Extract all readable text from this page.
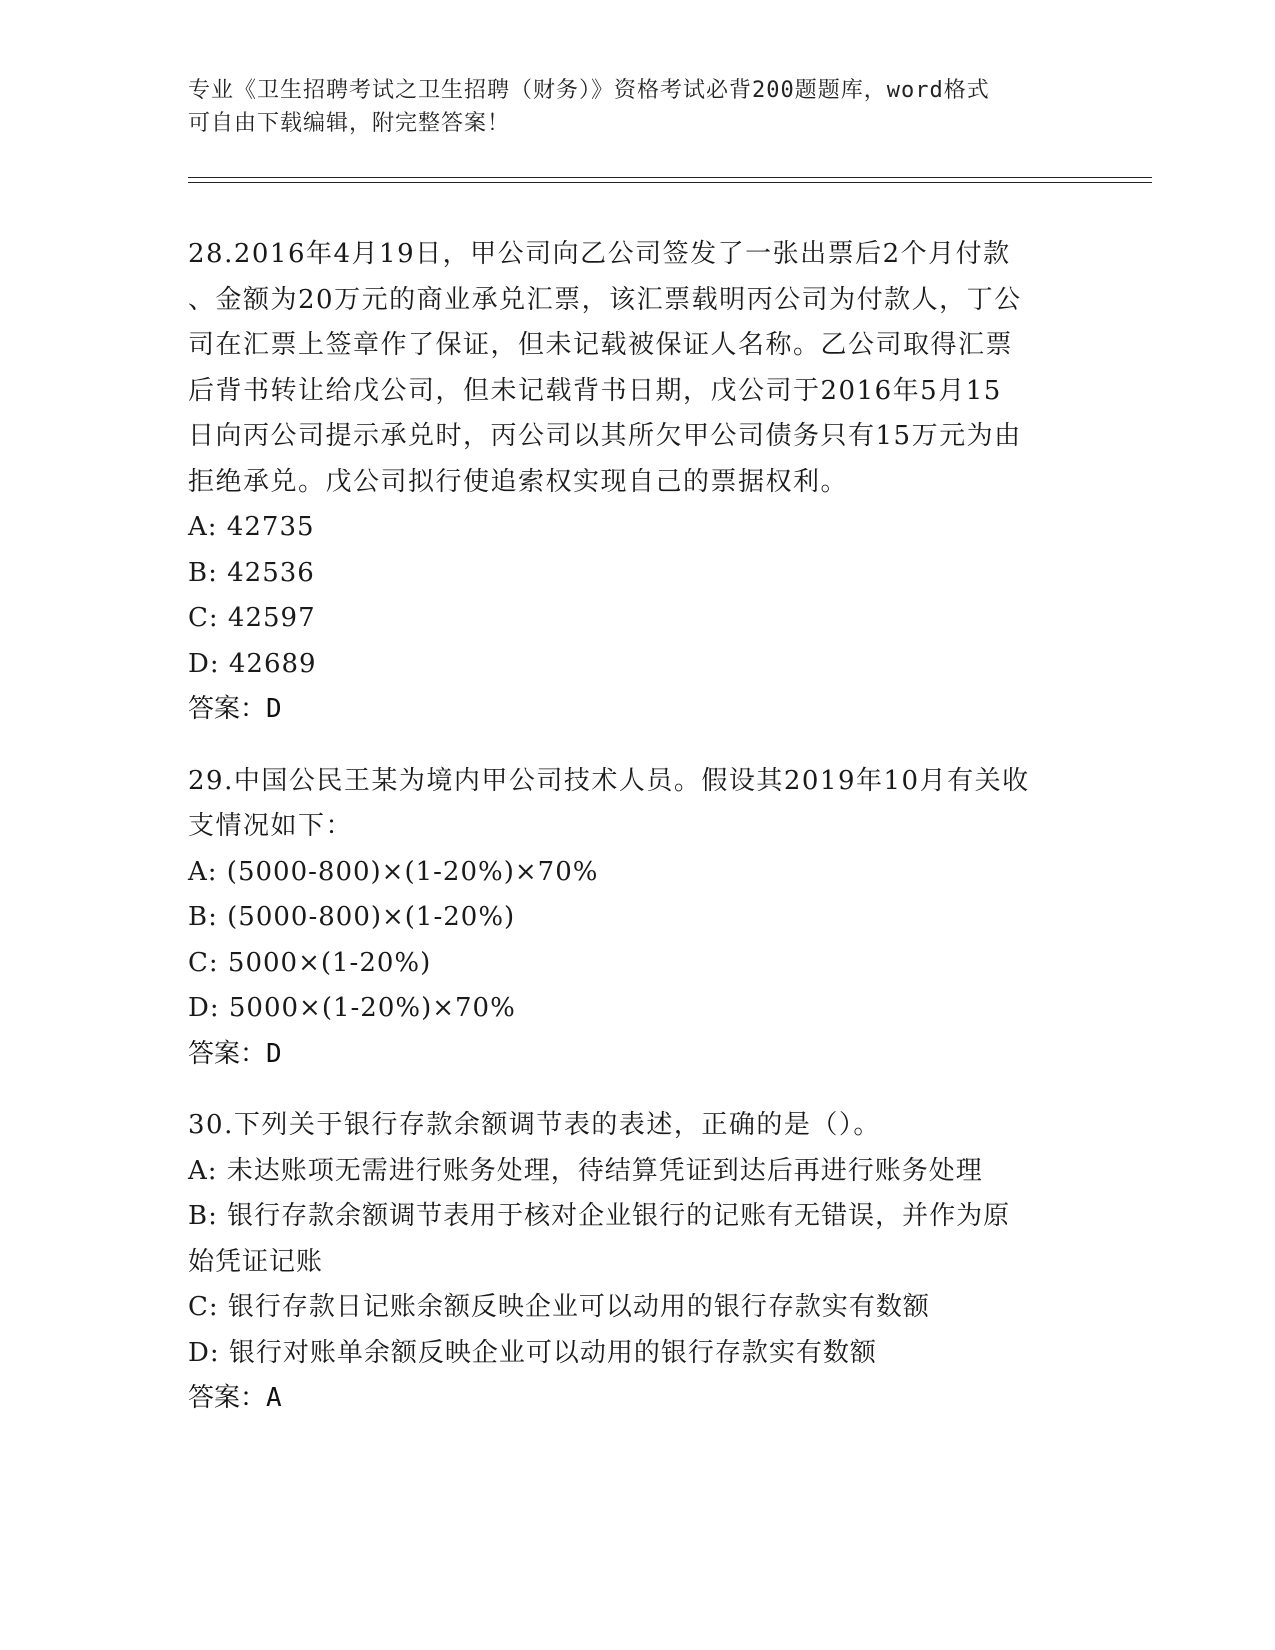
专业《卫生招聘考试之卫生招聘（财务）》资格考试必背200题题库，word格式
可自由下载编辑，附完整答案！
28.2016年4月19日，甲公司向乙公司签发了一张出票后2个月付款
、金额为20万元的商业承兑汇票，该汇票载明丙公司为付款人，丁公
司在汇票上签章作了保证，但未记载被保证人名称。乙公司取得汇票
后背书转让给戊公司，但未记载背书日期，戊公司于2016年5月15
日向丙公司提示承兑时，丙公司以其所欠甲公司债务只有15万元为由
拒绝承兑。戊公司拟行使追索权实现自己的票据权利。
A: 42735
B: 42536
C: 42597
D: 42689
答案：D
29.中国公民王某为境内甲公司技术人员。假设其2019年10月有关收
支情况如下：
A: (5000-800)×(1-20%)×70%
B: (5000-800)×(1-20%)
C: 5000×(1-20%)
D: 5000×(1-20%)×70%
答案：D
30.下列关于银行存款余额调节表的表述，正确的是（）。
A: 未达账项无需进行账务处理，待结算凭证到达后再进行账务处理
B: 银行存款余额调节表用于核对企业银行的记账有无错误，并作为原
始凭证记账
C: 银行存款日记账余额反映企业可以动用的银行存款实有数额
D: 银行对账单余额反映企业可以动用的银行存款实有数额
答案：A
